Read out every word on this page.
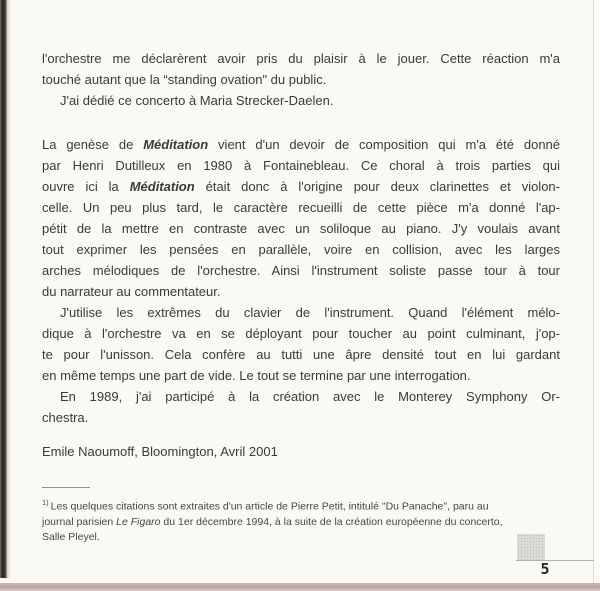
l'orchestre me déclarèrent avoir pris du plaisir à le jouer. Cette réaction m'a
touché autant que la “standing ovation" du public.
J'ai dédié ce concerto à Maria Strecker-Daelen.
La genèse de Méditation vient d'un devoir de composition qui m'a été donné
par Henri Dutilleux en 1980 à Fontainebleau. Ce choral à trois parties qui
ouvre ici la Méditation était donc à l'origine pour deux clarinettes et violon-
celle. Un peu plus tard, le caractère recueilli de cette pièce m'a donné l'ap-
pétit de la mettre en contraste avec un soliloque au piano. J'y voulais avant
tout exprimer les pensées en parallèle, voire en collision, avec les larges
arches mélodiques de l'orchestre. Ainsi l'instrument soliste passe tour à tour
du narrateur au commentateur.
J'utilise les extrêmes du clavier de l'instrument. Quand l'élément mélo-
dique à l'orchestre va en se déployant pour toucher au point culminant, j'op-
te pour l'unisson. Cela confère au tutti une âpre densité tout en lui gardant
en même temps une part de vide. Le tout se termine par une interrogation.
En 1989, j'ai participé à la création avec le Monterey Symphony Or-
chestra.
Emile Naoumoff, Bloomington, Avril 2001
$^{1)}$ Les quelques citations sont extraites d'un article de Pierre Petit, intitulé "Du Panache", paru au
journal parisien Le Figaro du 1er décembre 1994, à la suite de la création européenne du concerto,
Salle Pleyel.
5
